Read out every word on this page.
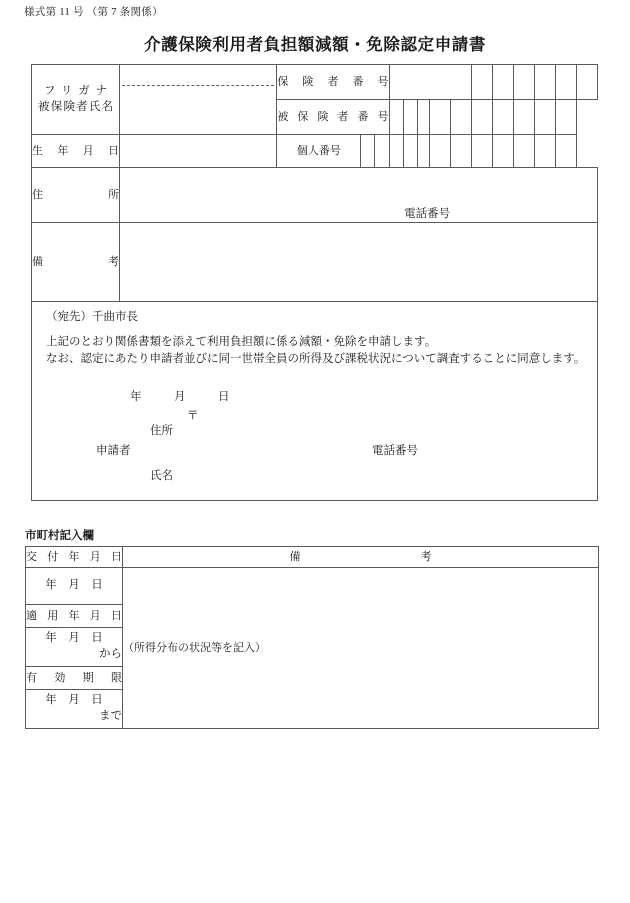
様式第 11 号 （第 7 条関係）
介護保険利用者負担額減額・免除認定申請書
フリガナ
被保険者氏名		保 険 者 番 号													
		被 保 険 者 番 号													
生 年 月 日		個人番号													
住　　所	電話番号														

備　　考															

（宛先）千曲市長
上記のとおり関係書類を添えて利用負担額に係る減額・免除を申請します。
なお、認定にあたり申請者並びに同一世帯全員の所得及び課税状況について調査することに同意します。
年	月	日
〒
住所
申請者	電話番号
氏名
市町村記入欄
交 付 年 月 日	備 考

年　月　日	（所得分布の状況等を記入）
適 用 年 月 日	

年　月　日
から	

有 効 期 限	

年　月　日
まで	
